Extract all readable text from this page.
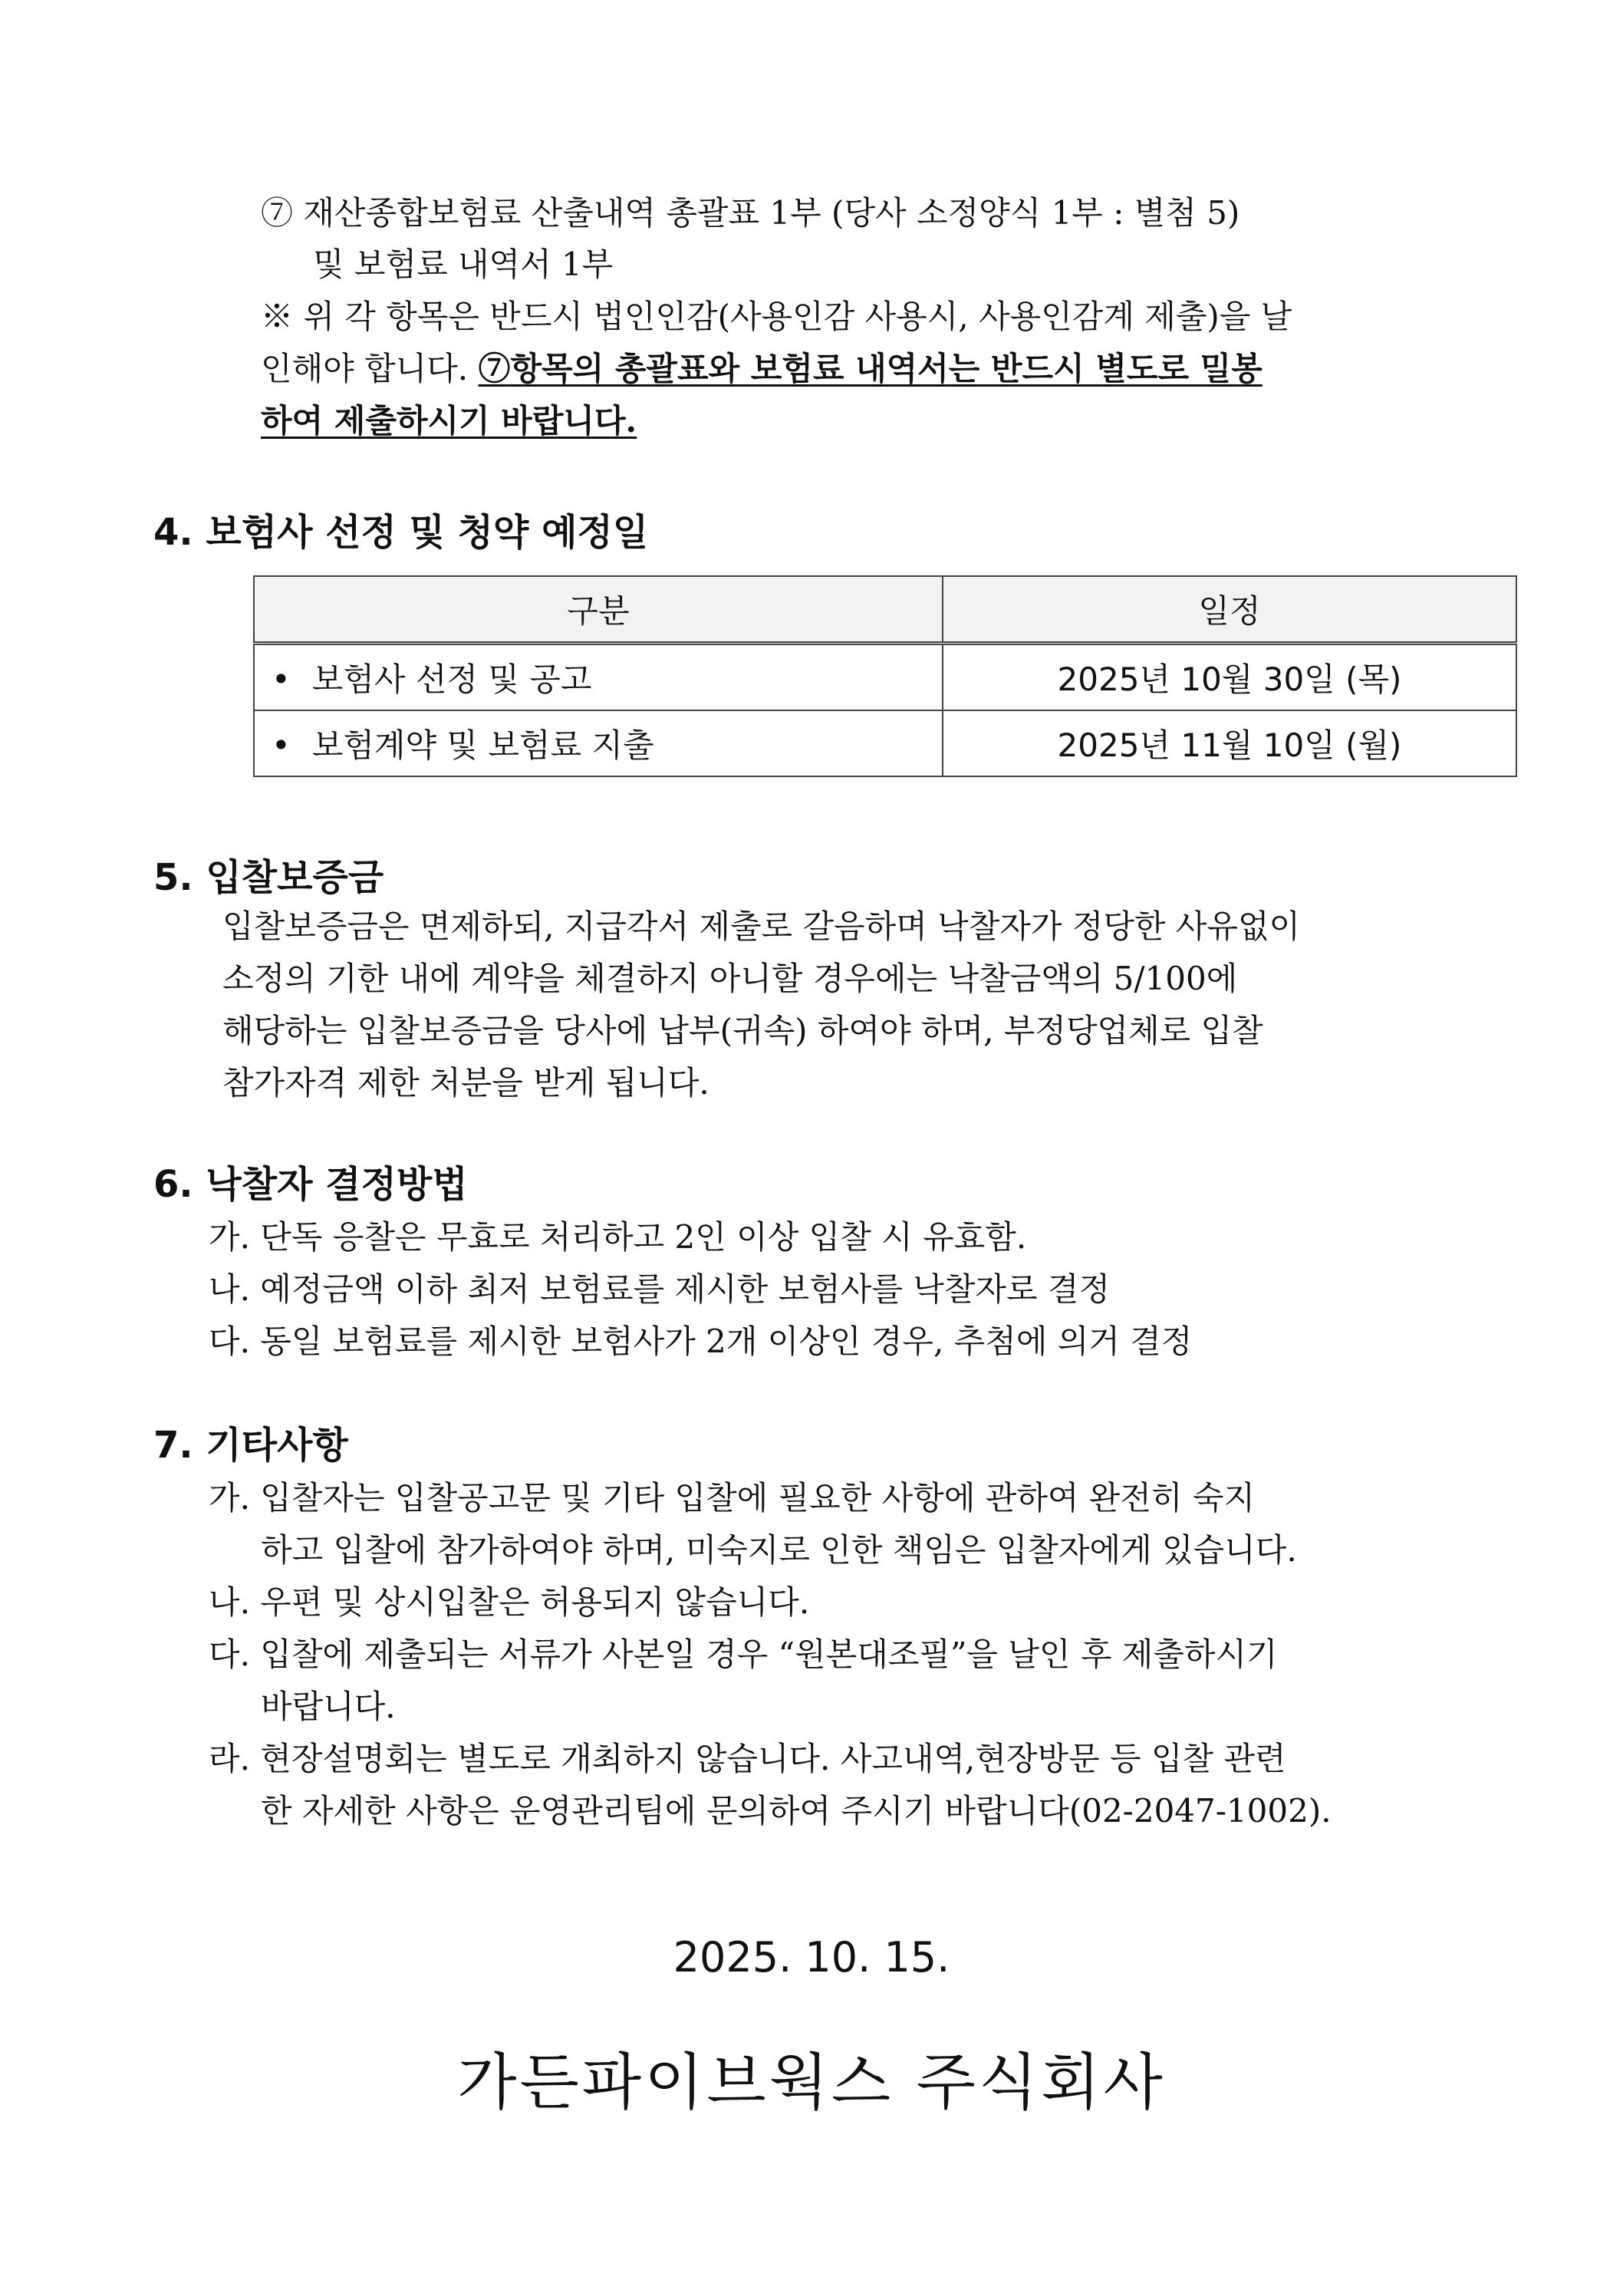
⑦ 재산종합보험료 산출내역 총괄표 1부 (당사 소정양식 1부 : 별첨 5)
및 보험료 내역서 1부
※ 위 각 항목은 반드시 법인인감(사용인감 사용시, 사용인감계 제출)을 날
인해야 합니다. ⑦항목의 총괄표와 보험료 내역서는 반드시 별도로 밀봉
하여 제출하시기 바랍니다.
4. 보험사 선정 및 청약 예정일
구분	일정
• 보험사 선정 및 공고	2025년 10월 30일 (목)
• 보험계약 및 보험료 지출	2025년 11월 10일 (월)
5. 입찰보증금
입찰보증금은 면제하되, 지급각서 제출로 갈음하며 낙찰자가 정당한 사유없이
소정의 기한 내에 계약을 체결하지 아니할 경우에는 낙찰금액의 5/100에
해당하는 입찰보증금을 당사에 납부(귀속) 하여야 하며, 부정당업체로 입찰
참가자격 제한 처분을 받게 됩니다.
6. 낙찰자 결정방법
가. 단독 응찰은 무효로 처리하고 2인 이상 입찰 시 유효함.
나. 예정금액 이하 최저 보험료를 제시한 보험사를 낙찰자로 결정
다. 동일 보험료를 제시한 보험사가 2개 이상인 경우, 추첨에 의거 결정
7. 기타사항
가. 입찰자는 입찰공고문 및 기타 입찰에 필요한 사항에 관하여 완전히 숙지
하고 입찰에 참가하여야 하며, 미숙지로 인한 책임은 입찰자에게 있습니다.
나. 우편 및 상시입찰은 허용되지 않습니다.
다. 입찰에 제출되는 서류가 사본일 경우 “원본대조필”을 날인 후 제출하시기
바랍니다.
라. 현장설명회는 별도로 개최하지 않습니다. 사고내역,현장방문 등 입찰 관련
한 자세한 사항은 운영관리팀에 문의하여 주시기 바랍니다(02-2047-1002).
2025. 10. 15.
가든파이브웍스 주식회사
